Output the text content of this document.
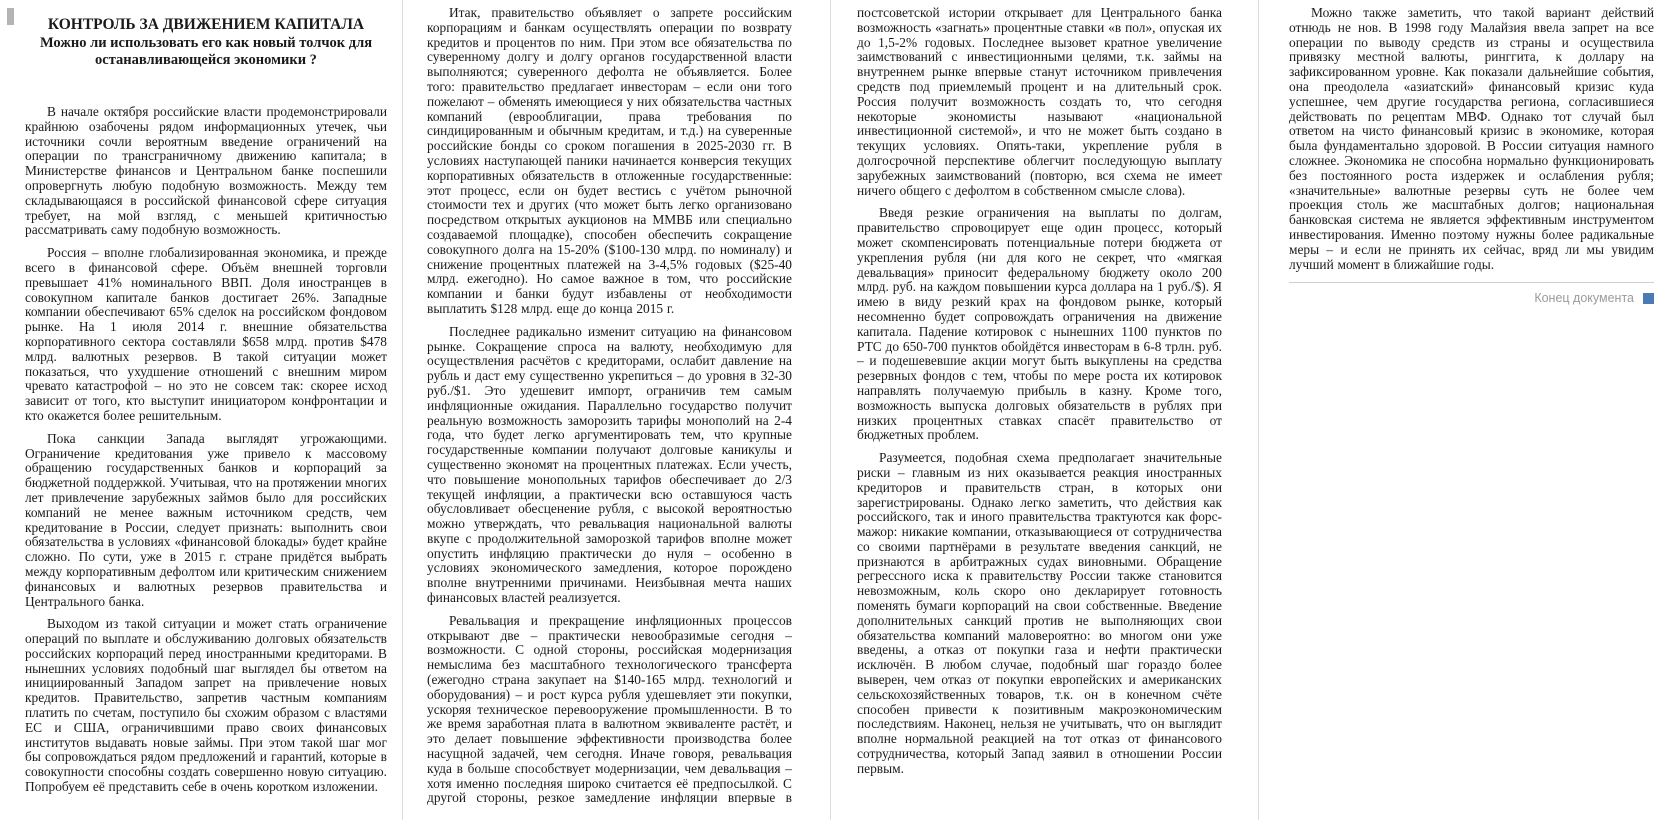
КОНТРОЛЬ ЗА ДВИЖЕНИЕМ КАПИТАЛА
Можно ли использовать его как новый толчок для останавливающейся экономики ?

В начале октября российские власти продемонстрировали крайнюю озабочены рядом информационных утечек, чьи источники сочли вероятным введение ограничений на операции по трансграничному движению капитала; в Министерстве финансов и Центральном банке поспешили опровергнуть любую подобную возможность. Между тем складывающаяся в российской финансовой сфере ситуация требует, на мой взгляд, с меньшей критичностью рассматривать саму подобную возможность.

Россия – вполне глобализированная экономика, и прежде всего в финансовой сфере. Объём внешней торговли превышает 41% номинального ВВП. Доля иностранцев в совокупном капитале банков достигает 26%. Западные компании обеспечивают 65% сделок на российском фондовом рынке. На 1 июля 2014 г. внешние обязательства корпоративного сектора составляли $658 млрд. против $478 млрд. валютных резервов. В такой ситуации может показаться, что ухудшение отношений с внешним миром чревато катастрофой – но это не совсем так: скорее исход зависит от того, кто выступит инициатором конфронтации и кто окажется более решительным.

Пока санкции Запада выглядят угрожающими. Ограничение кредитования уже привело к массовому обращению государственных банков и корпораций за бюджетной поддержкой. Учитывая, что на протяжении многих лет привлечение зарубежных займов было для российских компаний не менее важным источником средств, чем кредитование в России, следует признать: выполнить свои обязательства в условиях «финансовой блокады» будет крайне сложно. По сути, уже в 2015 г. стране придётся выбрать между корпоративным дефолтом или критическим снижением финансовых и валютных резервов правительства и Центрального банка.

Выходом из такой ситуации и может стать ограничение операций по выплате и обслуживанию долговых обязательств российских корпораций перед иностранными кредиторами. В нынешних условиях подобный шаг выглядел бы ответом на инициированный Западом запрет на привлечение новых кредитов. Правительство, запретив частным компаниям платить по счетам, поступило бы схожим образом с властями ЕС и США, ограничившими право своих финансовых институтов выдавать новые займы. При этом такой шаг мог бы сопровождаться рядом предложений и гарантий, которые в совокупности способны создать совершенно новую ситуацию. Попробуем её представить себе в очень коротком изложении.

Итак, правительство объявляет о запрете российским корпорациям и банкам осуществлять операции по возврату кредитов и процентов по ним. При этом все обязательства по суверенному долгу и долгу органов государственной власти выполняются; суверенного дефолта не объявляется. Более того: правительство предлагает инвесторам – если они того пожелают – обменять имеющиеся у них обязательства частных компаний (еврооблигации, права требования по синдицированным и обычным кредитам, и т.д.) на суверенные российские бонды со сроком погашения в 2025-2030 гг. В условиях наступающей паники начинается конверсия текущих корпоративных обязательств в отложенные государственные: этот процесс, если он будет вестись с учётом рыночной стоимости тех и других (что может быть легко организовано посредством открытых аукционов на ММВБ или специально создаваемой площадке), способен обеспечить сокращение совокупного долга на 15-20% ($100-130 млрд. по номиналу) и снижение процентных платежей на 3-4,5% годовых ($25-40 млрд. ежегодно). Но самое важное в том, что российские компании и банки будут избавлены от необходимости выплатить $128 млрд. еще до конца 2015 г.

Последнее радикально изменит ситуацию на финансовом рынке. Сокращение спроса на валюту, необходимую для осуществления расчётов с кредиторами, ослабит давление на рубль и даст ему существенно укрепиться – до уровня в 32-30 руб./$1. Это удешевит импорт, ограничив тем самым инфляционные ожидания. Параллельно государство получит реальную возможность заморозить тарифы монополий на 2-4 года, что будет легко аргументировать тем, что крупные государственные компании получают долговые каникулы и существенно экономят на процентных платежах. Если учесть, что повышение монопольных тарифов обеспечивает до 2/3 текущей инфляции, а практически всю оставшуюся часть обусловливает обесценение рубля, с высокой вероятностью можно утверждать, что ревальвация национальной валюты вкупе с продолжительной заморозкой тарифов вполне может опустить инфляцию практически до нуля – особенно в условиях экономического замедления, которое порождено вполне внутренними причинами. Неизбывная мечта наших финансовых властей реализуется.

Ревальвация и прекращение инфляционных процессов открывают две – практически невообразимые сегодня – возможности. С одной стороны, российская модернизация немыслима без масштабного технологического трансферта (ежегодно страна закупает на $140-165 млрд. технологий и оборудования) – и рост курса рубля удешевляет эти покупки, ускоряя техническое перевооружение промышленности. В то же время заработная плата в валютном эквиваленте растёт, и это делает повышение эффективности производства более насущной задачей, чем сегодня. Иначе говоря, ревальвация куда в больше способствует модернизации, чем девальвация – хотя именно последняя широко считается её предпосылкой. С другой стороны, резкое замедление инфляции впервые в

постсоветской истории открывает для Центрального банка возможность «загнать» процентные ставки «в пол», опуская их до 1,5-2% годовых. Последнее вызовет кратное увеличение заимствований с инвестиционными целями, т.к. займы на внутреннем рынке впервые станут источником привлечения средств под приемлемый процент и на длительный срок. Россия получит возможность создать то, что сегодня некоторые экономисты называют «национальной инвестиционной системой», и что не может быть создано в текущих условиях. Опять-таки, укрепление рубля в долгосрочной перспективе облегчит последующую выплату зарубежных заимствований (повторю, вся схема не имеет ничего общего с дефолтом в собственном смысле слова).

Введя резкие ограничения на выплаты по долгам, правительство спровоцирует еще один процесс, который может скомпенсировать потенциальные потери бюджета от укрепления рубля (ни для кого не секрет, что «мягкая девальвация» приносит федеральному бюджету около 200 млрд. руб. на каждом повышении курса доллара на 1 руб./$). Я имею в виду резкий крах на фондовом рынке, который несомненно будет сопровождать ограничения на движение капитала. Падение котировок с нынешних 1100 пунктов по РТС до 650-700 пунктов обойдётся инвесторам в 6-8 трлн. руб. – и подешевевшие акции могут быть выкуплены на средства резервных фондов с тем, чтобы по мере роста их котировок направлять получаемую прибыль в казну. Кроме того, возможность выпуска долговых обязательств в рублях при низких процентных ставках спасёт правительство от бюджетных проблем.

Разумеется, подобная схема предполагает значительные риски – главным из них оказывается реакция иностранных кредиторов и правительств стран, в которых они зарегистрированы. Однако легко заметить, что действия как российского, так и иного правительства трактуются как форс-мажор: никакие компании, отказывающиеся от сотрудничества со своими партнёрами в результате введения санкций, не признаются в арбитражных судах виновными. Обращение регрессного иска к правительству России также становится невозможным, коль скоро оно декларирует готовность поменять бумаги корпораций на свои собственные. Введение дополнительных санкций против не выполняющих свои обязательства компаний маловероятно: во многом они уже введены, а отказ от покупки газа и нефти практически исключён. В любом случае, подобный шаг гораздо более выверен, чем отказ от покупки европейских и американских сельскохозяйственных товаров, т.к. он в конечном счёте способен привести к позитивным макроэкономическим последствиям. Наконец, нельзя не учитывать, что он выглядит вполне нормальной реакцией на тот отказ от финансового сотрудничества, который Запад заявил в отношении России первым.

Можно также заметить, что такой вариант действий отнюдь не нов. В 1998 году Малайзия ввела запрет на все операции по выводу средств из страны и осуществила привязку местной валюты, ринггита, к доллару на зафиксированном уровне. Как показали дальнейшие события, она преодолела «азиатский» финансовый кризис куда успешнее, чем другие государства региона, согласившиеся действовать по рецептам МВФ. Однако тот случай был ответом на чисто финансовый кризис в экономике, которая была фундаментально здоровой. В России ситуация намного сложнее. Экономика не способна нормально функционировать без постоянного роста издержек и ослабления рубля; «значительные» валютные резервы суть не более чем проекция столь же масштабных долгов; национальная банковская система не является эффективным инструментом инвестирования. Именно поэтому нужны более радикальные меры – и если не принять их сейчас, вряд ли мы увидим лучший момент в ближайшие годы.

Конец документа
